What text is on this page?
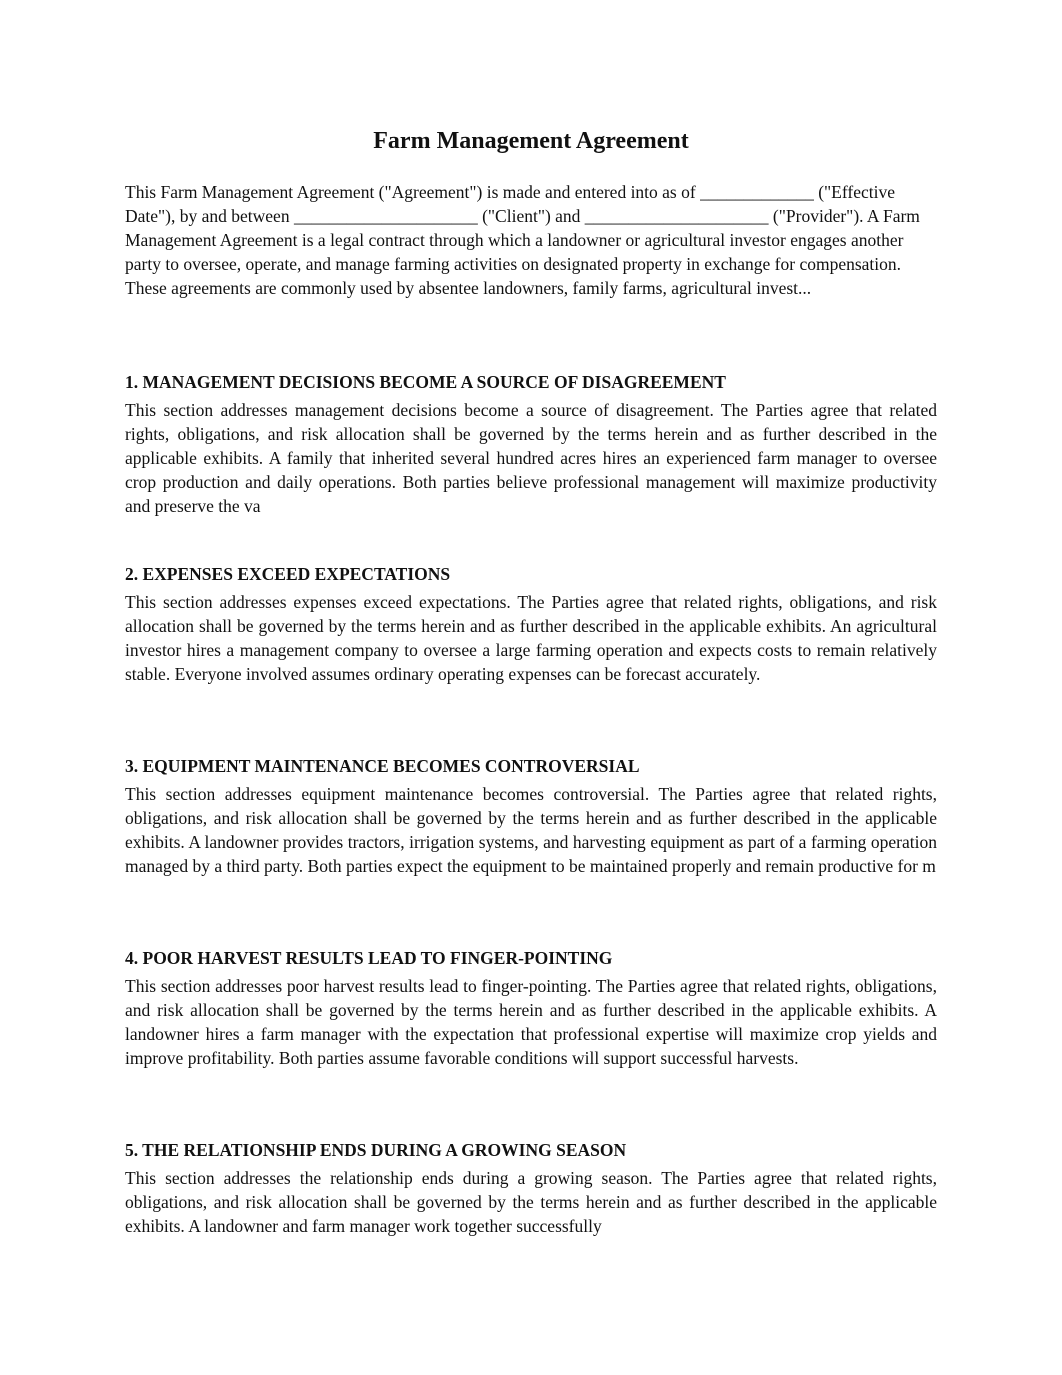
Farm Management Agreement

This Farm Management Agreement ("Agreement") is made and entered into as of _____________ ("Effective Date"), by and between _____________________ ("Client") and _____________________ ("Provider"). A Farm Management Agreement is a legal contract through which a landowner or agricultural investor engages another party to oversee, operate, and manage farming activities on designated property in exchange for compensation. These agreements are commonly used by absentee landowners, family farms, agricultural invest...

1. MANAGEMENT DECISIONS BECOME A SOURCE OF DISAGREEMENT

This section addresses management decisions become a source of disagreement. The Parties agree that related rights, obligations, and risk allocation shall be governed by the terms herein and as further described in the applicable exhibits. A family that inherited several hundred acres hires an experienced farm manager to oversee crop production and daily operations. Both parties believe professional management will maximize productivity and preserve the va

2. EXPENSES EXCEED EXPECTATIONS

This section addresses expenses exceed expectations. The Parties agree that related rights, obligations, and risk allocation shall be governed by the terms herein and as further described in the applicable exhibits. An agricultural investor hires a management company to oversee a large farming operation and expects costs to remain relatively stable. Everyone involved assumes ordinary operating expenses can be forecast accurately.

3. EQUIPMENT MAINTENANCE BECOMES CONTROVERSIAL

This section addresses equipment maintenance becomes controversial. The Parties agree that related rights, obligations, and risk allocation shall be governed by the terms herein and as further described in the applicable exhibits. A landowner provides tractors, irrigation systems, and harvesting equipment as part of a farming operation managed by a third party. Both parties expect the equipment to be maintained properly and remain productive for m

4. POOR HARVEST RESULTS LEAD TO FINGER-POINTING

This section addresses poor harvest results lead to finger-pointing. The Parties agree that related rights, obligations, and risk allocation shall be governed by the terms herein and as further described in the applicable exhibits. A landowner hires a farm manager with the expectation that professional expertise will maximize crop yields and improve profitability. Both parties assume favorable conditions will support successful harvests.

5. THE RELATIONSHIP ENDS DURING A GROWING SEASON

This section addresses the relationship ends during a growing season. The Parties agree that related rights, obligations, and risk allocation shall be governed by the terms herein and as further described in the applicable exhibits. A landowner and farm manager work together successfully
